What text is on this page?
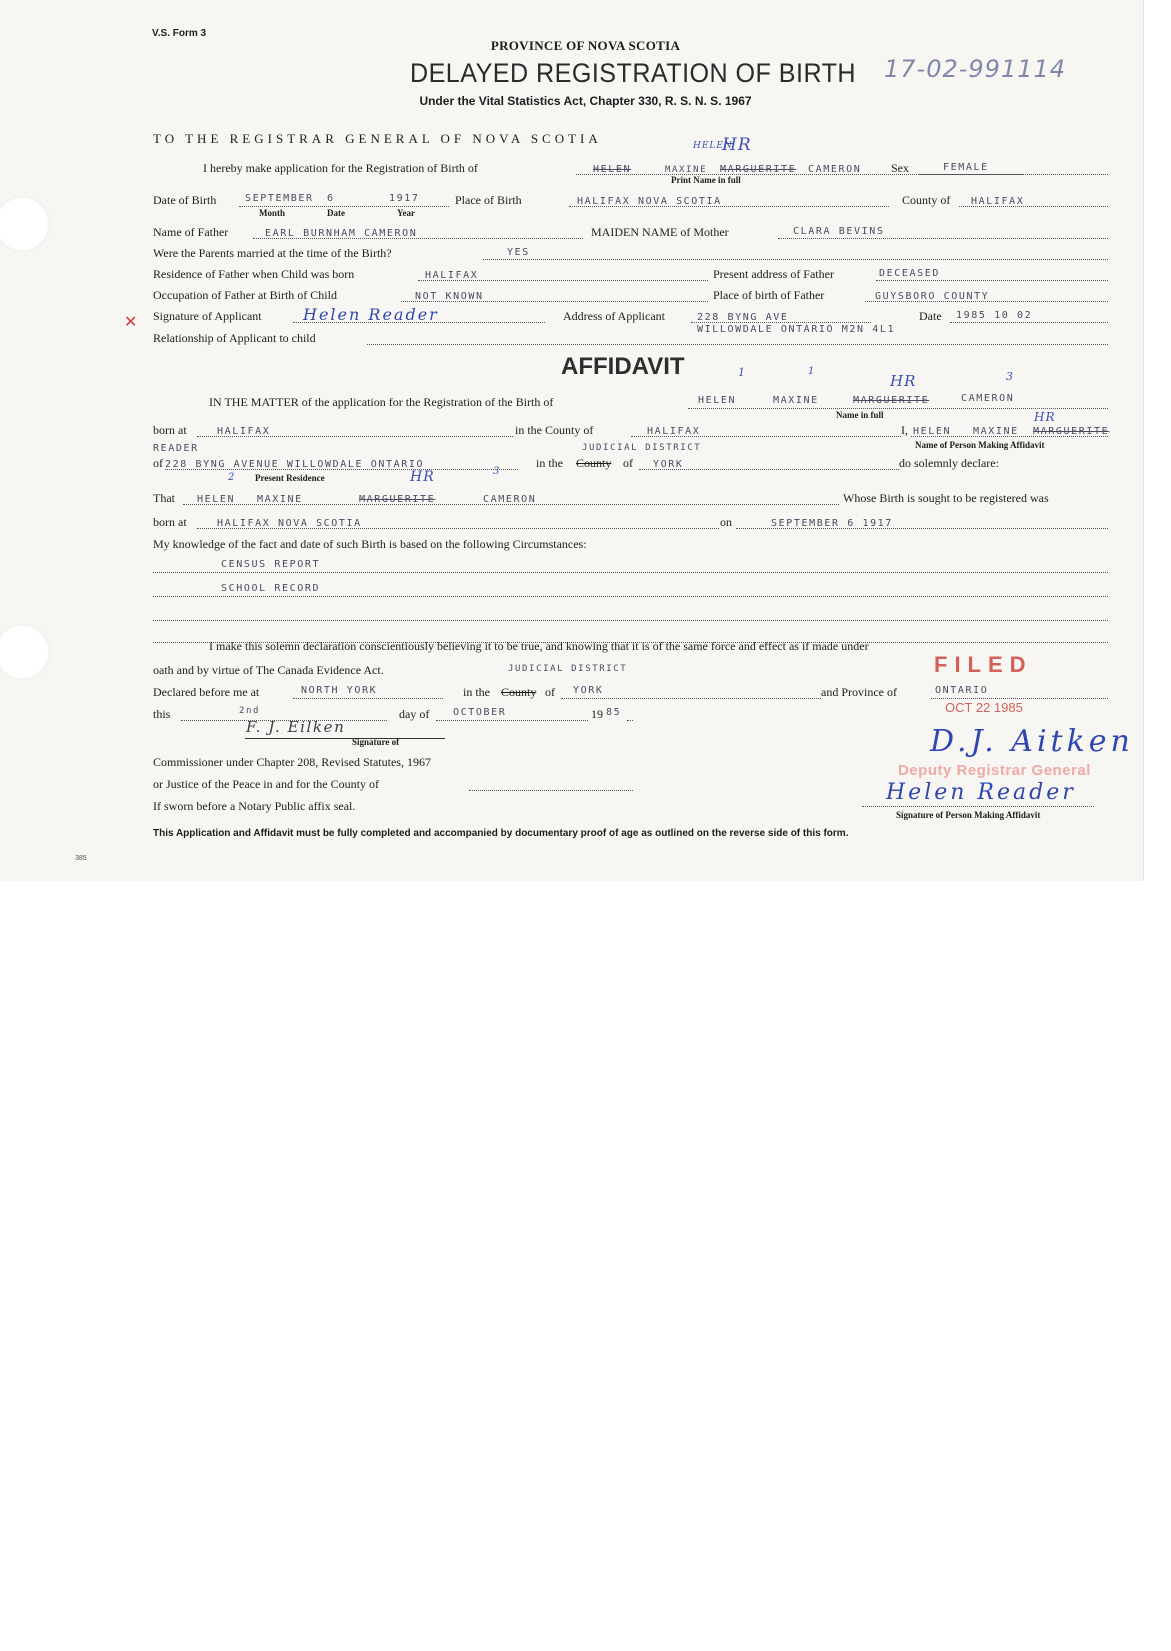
V.S. Form 3
PROVINCE OF NOVA SCOTIA
DELAYED REGISTRATION OF BIRTH 17-02-991114
Under the Vital Statistics Act, Chapter 330, R. S. N. S. 1967
TO THE REGISTRAR GENERAL OF NOVA SCOTIA
I hereby make application for the Registration of Birth of	HELEN	MAXINE MARGUERITE CAMERON Sex	FEMALE
HELEN
HR
Print Name in full
Date of Birth	SEPTEMBER 6	1917	Place of Birth	HALIFAX NOVA SCOTIA	County of HALIFAX
Month	Date	Year
Name of Father	EARL BURNHAM CAMERON	MAIDEN NAME of Mother	CLARA BEVINS
Were the Parents married at the time of the Birth?	YES
Residence of Father when Child was born	HALIFAX	Present address of Father	DECEASED
Occupation of Father at Birth of Child	NOT KNOWN	Place of birth of Father	GUYSBORO COUNTY
✕ Signature of Applicant	Helen Reader	Address of Applicant	228 BYNG AVE	Date 1985 10 02
WILLOWDALE ONTARIO M2N 4L1
Relationship of Applicant to child
AFFIDAVIT	1	1	3
HR
IN THE MATTER of the application for the Registration of the Birth of	HELEN	MAXINE	MARGUERITE	CAMERON
Name in full
born at	HALIFAX	in the County of	HALIFAX	I, HELEN MAXINE MARGUERITE
HR
Name of Person Making Affidavit
READER	JUDICIAL DISTRICT
of 228 BYNG AVENUE WILLOWDALE ONTARIO	in the County of YORK	do solemnly declare:
2 Present Residence
3
HR
That HELEN MAXINE	MARGUERITE	CAMERON	Whose Birth is sought to be registered was
born at	HALIFAX NOVA SCOTIA	on	SEPTEMBER 6 1917
My knowledge of the fact and date of such Birth is based on the following Circumstances:
CENSUS REPORT
SCHOOL RECORD
I make this solemn declaration conscientiously believing it to be true, and knowing that it is of the same force and effect as if made under
oath and by virtue of The Canada Evidence Act.	FILED
JUDICIAL DISTRICT
Declared before me at	NORTH YORK	in the County of YORK	and Province of	ONTARIO
OCT 22 1985
this	2nd	day of OCTOBER	19 85
F. J. Eilken
Signature of	D.J. Aitken
Deputy Registrar General
Commissioner under Chapter 208, Revised Statutes, 1967
or Justice of the Peace in and for the County of
If sworn before a Notary Public affix seal.
Helen Reader
Signature of Person Making Affidavit
This Application and Affidavit must be fully completed and accompanied by documentary proof of age as outlined on the reverse side of this form.
385
